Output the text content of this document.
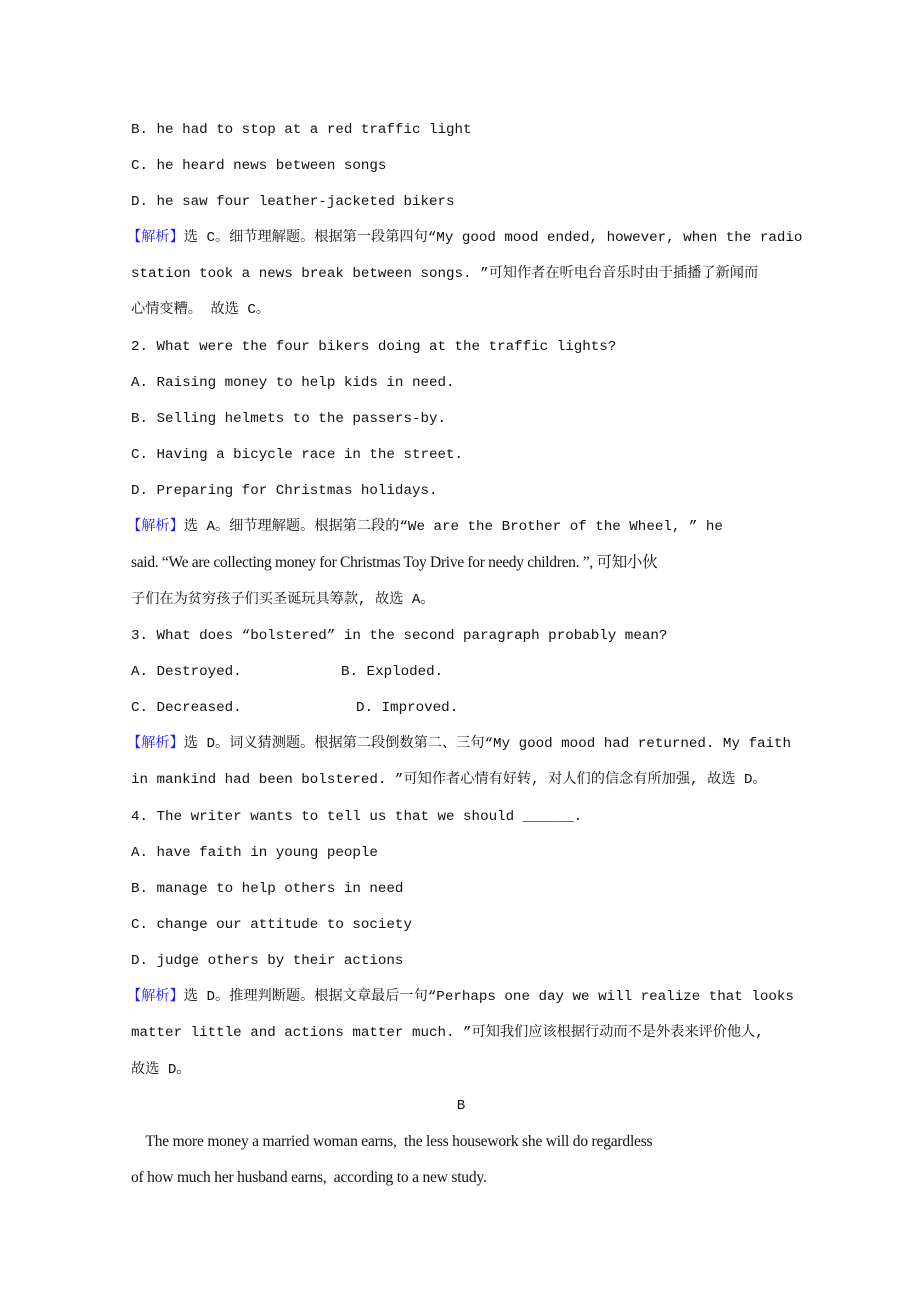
B. he had to stop at a red traffic light
C. he heard news between songs
D. he saw four leather-jacketed bikers
【解析】选 C。细节理解题。根据第一段第四句“My good mood ended, however, when the radio
station took a news break between songs. ”可知作者在听电台音乐时由于插播了新闻而
心情变糟。 故选 C。
2. What were the four bikers doing at the traffic lights?
A. Raising money to help kids in need.
B. Selling helmets to the passers-by.
C. Having a bicycle race in the street.
D. Preparing for Christmas holidays.
【解析】选 A。细节理解题。根据第二段的“We are the Brother of the Wheel, ” he
said. “We are collecting money for Christmas Toy Drive for needy children. ”, 可知小伙
子们在为贫穷孩子们买圣诞玩具筹款, 故选 A。
3. What does “bolstered” in the second paragraph probably mean?
A. Destroyed.	B. Exploded.
C. Decreased.	D. Improved.
【解析】选 D。词义猜测题。根据第二段倒数第二、三句“My good mood had returned. My faith
in mankind had been bolstered. ”可知作者心情有好转, 对人们的信念有所加强, 故选 D。
4. The writer wants to tell us that we should ______.
A. have faith in young people
B. manage to help others in need
C. change our attitude to society
D. judge others by their actions
【解析】选 D。推理判断题。根据文章最后一句“Perhaps one day we will realize that looks
matter little and actions matter much. ”可知我们应该根据行动而不是外表来评价他人,
故选 D。
B
The more money a married woman earns,  the less housework she will do regardless
of how much her husband earns,  according to a new study.
